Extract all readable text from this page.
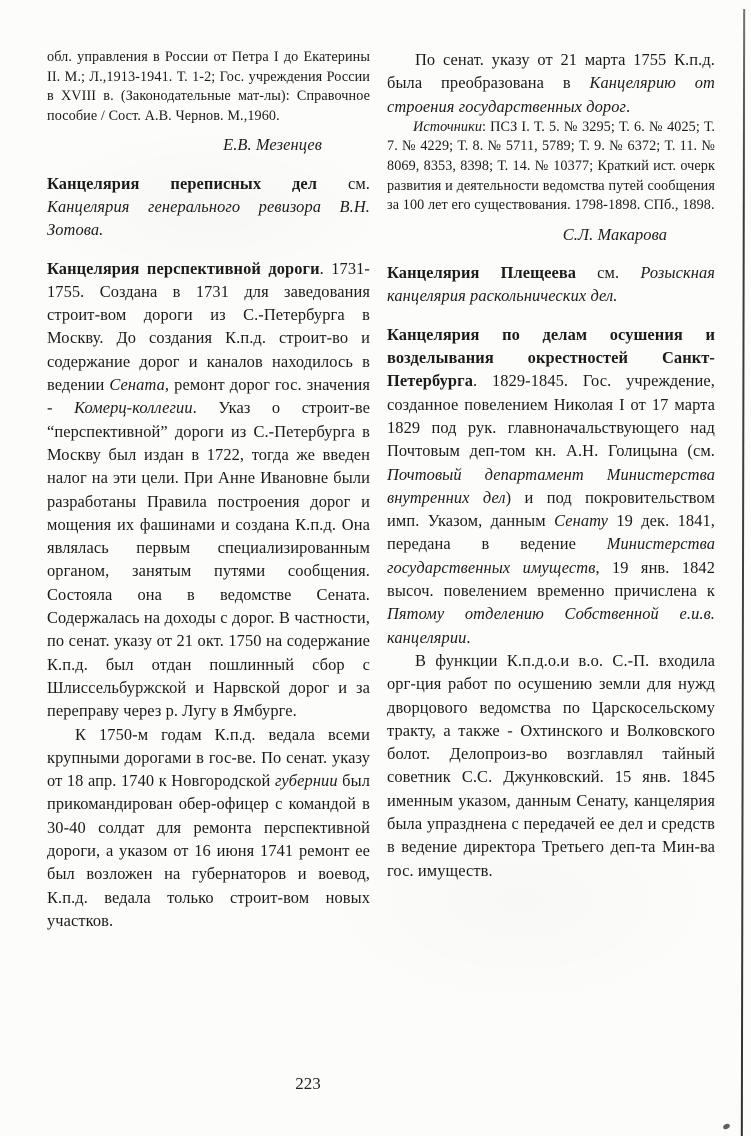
обл. управления в России от Петра I до Екатерины II. М.; Л.,1913-1941. Т. 1-2; Гос. учреждения России в XVIII в. (Законодательные мат-лы): Справочное пособие / Сост. А.В. Чернов. М.,1960.

Е.В. Мезенцев

Канцелярия переписных дел см. Канцелярия генерального ревизора В.Н. Зотова.

Канцелярия перспективной дороги. 1731-1755. Создана в 1731 для заведования строит-вом дороги из С.-Петербурга в Москву. До создания К.п.д. строит-во и содержание дорог и каналов находилось в ведении Сената, ремонт дорог гос. значения - Комерц-коллегии. Указ о строит-ве “перспективной” дороги из С.-Петербурга в Москву был издан в 1722, тогда же введен налог на эти цели. При Анне Ивановне были разработаны Правила построения дорог и мощения их фашинами и создана К.п.д. Она являлась первым специализированным органом, занятым путями сообщения. Состояла она в ведомстве Сената. Содержалась на доходы с дорог. В частности, по сенат. указу от 21 окт. 1750 на содержание К.п.д. был отдан пошлинный сбор с Шлиссельбуржской и Нарвской дорог и за переправу через р. Лугу в Ямбурге.

К 1750-м годам К.п.д. ведала всеми крупными дорогами в гос-ве. По сенат. указу от 18 апр. 1740 к Новгородской губернии был прикомандирован обер-офицер с командой в 30-40 солдат для ремонта перспективной дороги, а указом от 16 июня 1741 ремонт ее был возложен на губернаторов и воевод, К.п.д. ведала только строит-вом новых участков.

По сенат. указу от 21 марта 1755 К.п.д. была преобразована в Канцелярию от строения государственных дорог.

Источники: ПСЗ I. Т. 5. № 3295; Т. 6. № 4025; Т. 7. № 4229; Т. 8. № 5711, 5789; Т. 9. № 6372; Т. 11. № 8069, 8353, 8398; Т. 14. № 10377; Краткий ист. очерк развития и деятельности ведомства путей сообщения за 100 лет его существования. 1798-1898. СПб., 1898.

С.Л. Макарова

Канцелярия Плещеева см. Розыскная канцелярия раскольнических дел.

Канцелярия по делам осушения и возделывания окрестностей Санкт-Петербурга. 1829-1845. Гос. учреждение, созданное повелением Николая I от 17 марта 1829 под рук. главноначальствующего над Почтовым деп-том кн. А.Н. Голицына (см. Почтовый департамент Министерства внутренних дел) и под покровительством имп. Указом, данным Сенату 19 дек. 1841, передана в ведение Министерства государственных имуществ, 19 янв. 1842 высоч. повелением временно причислена к Пятому отделению Собственной е.и.в. канцелярии.

В функции К.п.д.о.и в.о. С.-П. входила орг-ция работ по осушению земли для нужд дворцового ведомства по Царскосельскому тракту, а также - Охтинского и Волковского болот. Делопроиз-во возглавлял тайный советник С.С. Джунковский. 15 янв. 1845 именным указом, данным Сенату, канцелярия была упразднена с передачей ее дел и средств в ведение директора Третьего деп-та Мин-ва гос. имуществ.

223
